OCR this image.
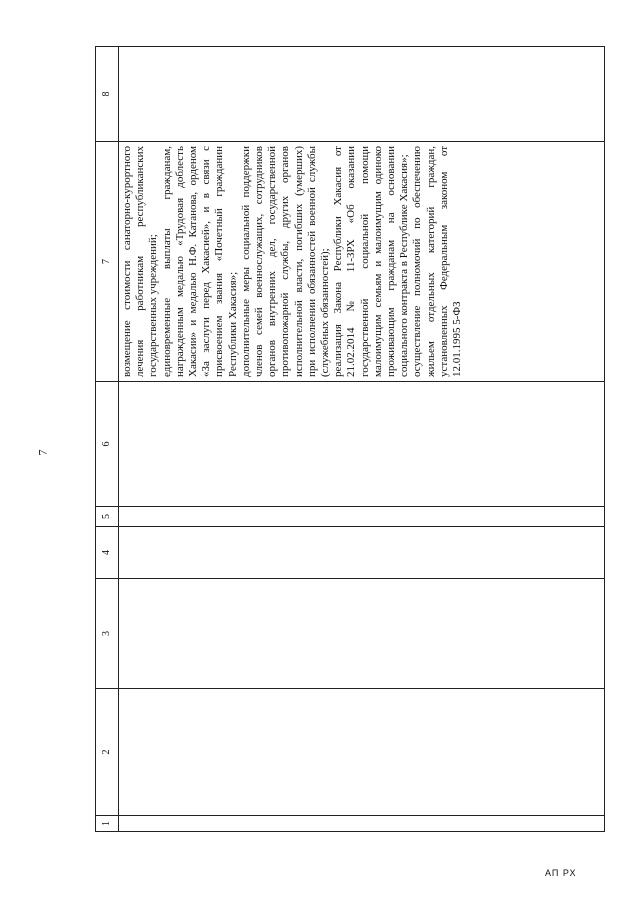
7
1	2	3	4	5	6	7	8

						возмещение стоимости санаторно-курортного лечения работникам республиканских государственных учреждений; единовременные выплаты гражданам, награжденным медалью «Трудовая доблесть Хакасии» и медалью Н.Ф. Катанова, орденом «За заслуги перед Хакасией», и в связи с присвоением звания «Почетный гражданин Республики Хакасия»; дополнительные меры социальной поддержки членов семей военнослужащих, сотрудников органов внутренних дел, государственной противопожарной службы, других органов исполнительной власти, погибших (умерших) при исполнении обязанностей военной службы (служебных обязанностей); реализация Закона Республики Хакасия от 21.02.2014 № 11-ЗРХ «Об оказании государственной социальной помощи малоимущим семьям и малоимущим одиноко проживающим гражданам на основании социального контракта в Республике Хакасия»; осуществление полномочий по обеспечению жильем отдельных категорий граждан, установленных Федеральным законом от 12.01.1995 5-ФЗ	

АП РХ
